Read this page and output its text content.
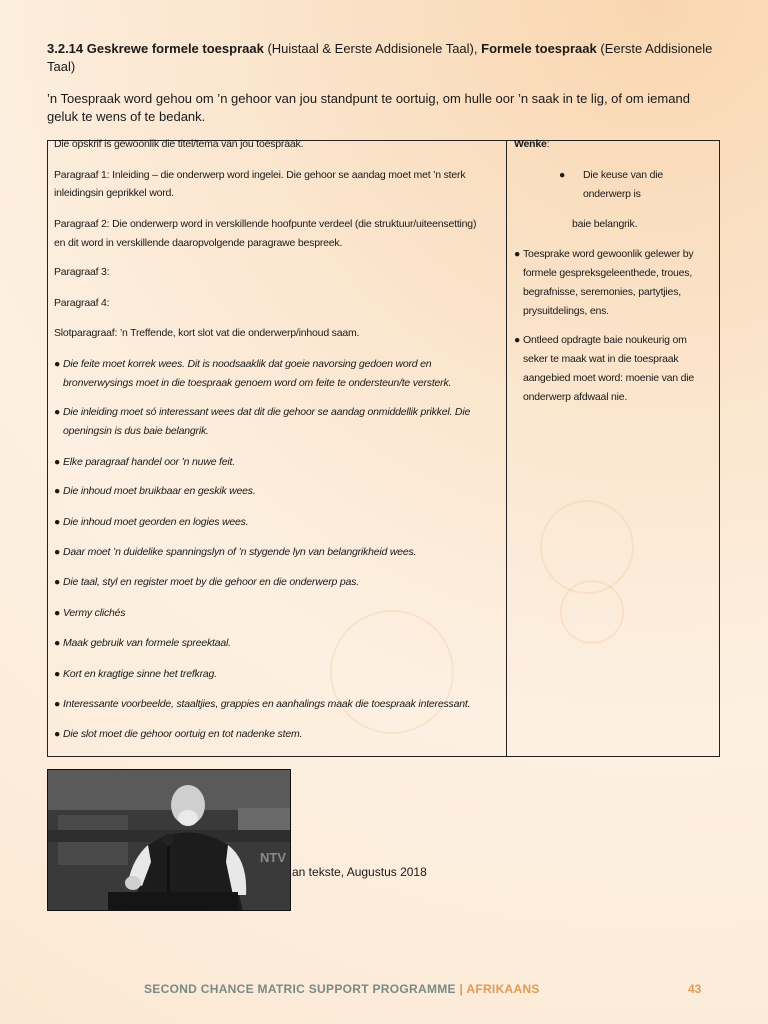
3.2.14 Geskrewe formele toespraak (Huistaal & Eerste Addisionele Taal), Formele toespraak (Eerste Addisionele Taal)
’n Toespraak word gehou om ’n gehoor van jou standpunt te oortuig, om hulle oor ’n saak in te lig, of om iemand geluk te wens of te bedank.
Die opskrif is gewoonlik die titel/tema van jou toespraak.
Paragraaf 1: Inleiding – die onderwerp word ingelei. Die gehoor se aandag moet met ’n sterk
inleidingsin geprikkel word.
Paragraaf 2: Die onderwerp word in verskillende hoofpunte verdeel (die struktuur/uiteensetting)
en dit word in verskillende daaropvolgende paragrawe bespreek.
Paragraaf 3:
Paragraaf 4:
Slotparagraaf: ’n Treffende, kort slot vat die onderwerp/inhoud saam.
● Die feite moet korrek wees. Dit is noodsaaklik dat goeie navorsing gedoen word en
bronverwysings moet in die toespraak genoem word om feite te ondersteun/te versterk.
● Die inleiding moet só interessant wees dat dit die gehoor se aandag onmiddellik prikkel. Die
openingsin is dus baie belangrik.
● Elke paragraaf handel oor ’n nuwe feit.
● Die inhoud moet bruikbaar en geskik wees.
● Die inhoud moet georden en logies wees.
● Daar moet ’n duidelike spanningslyn of ’n stygende lyn van belangrikheid wees.
● Die taal, styl en register moet by die gehoor en die onderwerp pas.
● Vermy clichés
● Maak gebruik van formele spreektaal.
● Kort en kragtige sinne het trefkrag.
● Interessante voorbeelde, staaltjies, grappies en aanhalings maak die toespraak interessant.
● Die slot moet die gehoor oortuig en tot nadenke stem.
Wenke:
●	Die keuse van die
onderwerp is
baie belangrik.
● Toesprake word gewoonlik gelewer by
formele gespreksgeleenthede, troues,
begrafnisse, seremonies, partytjies,
prysuitdelings, ens.
● Ontleed opdragte baie noukeurig om
seker te maak wat in die toespraak
aangebied moet word: moenie van die
onderwerp afdwaal nie.
NTV
an tekste, Augustus 2018
SECOND CHANCE MATRIC SUPPORT PROGRAMME | AFRIKAANS	43
